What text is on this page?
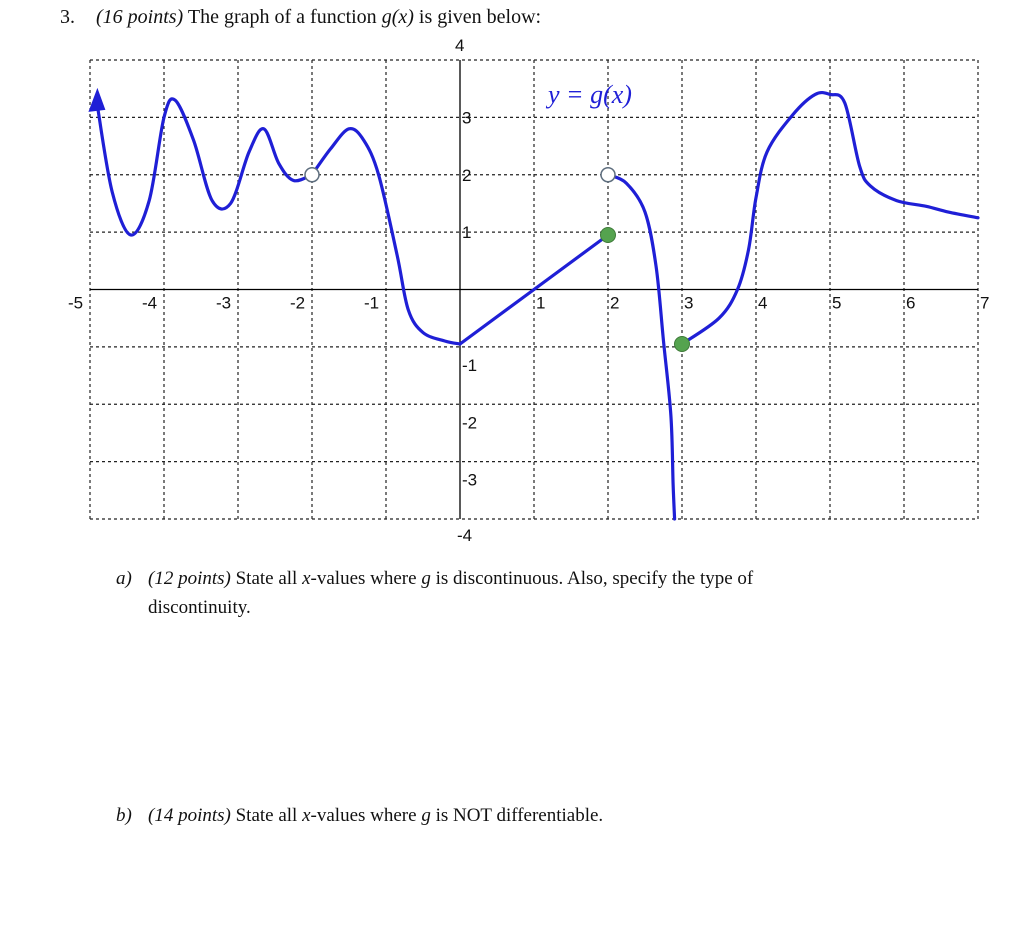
3. (16 points) The graph of a function g(x) is given below:
-5	-4	-3	-2	-1	1	2	3	4	5	6	7
4
3
2
1
-1
-2
-3
-4
y = g(x)
a) (12 points) State all x-values where g is discontinuous. Also, specify the type of
discontinuity.
b) (14 points) State all x-values where g is NOT differentiable.
